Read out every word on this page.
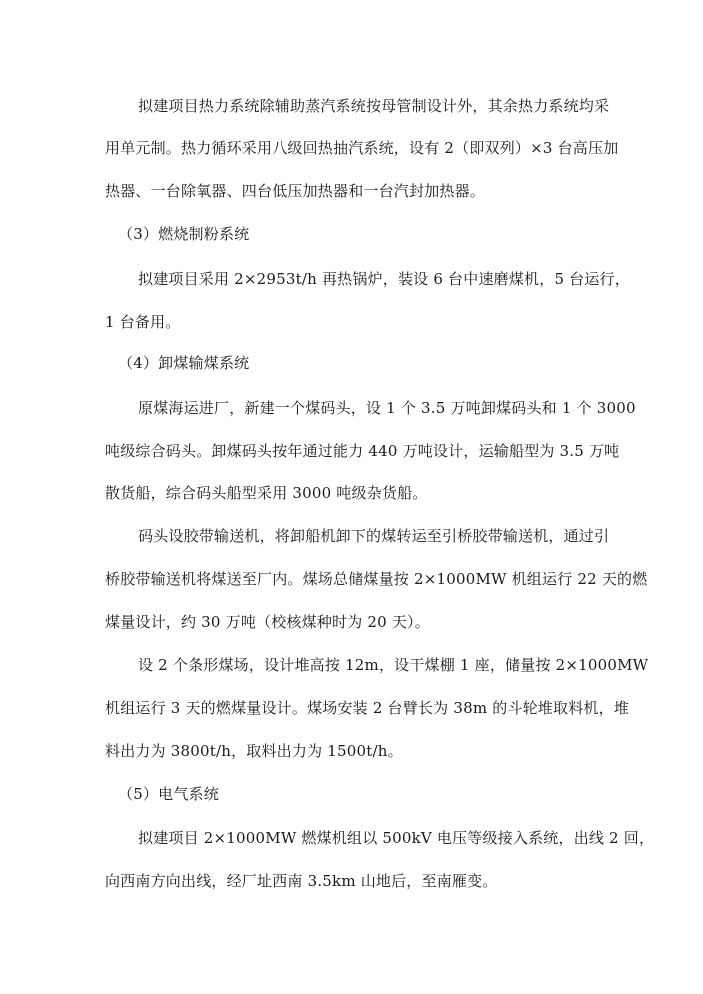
拟建项目热力系统除辅助蒸汽系统按母管制设计外，其余热力系统均采
用单元制。热力循环采用八级回热抽汽系统，设有 2（即双列）×3 台高压加
热器、一台除氧器、四台低压加热器和一台汽封加热器。
（3）燃烧制粉系统
拟建项目采用 2×2953t/h 再热锅炉，装设 6 台中速磨煤机，5 台运行，
1 台备用。
（4）卸煤输煤系统
原煤海运进厂，新建一个煤码头，设 1 个 3.5 万吨卸煤码头和 1 个 3000
吨级综合码头。卸煤码头按年通过能力 440 万吨设计，运输船型为 3.5 万吨
散货船，综合码头船型采用 3000 吨级杂货船。
码头设胶带输送机，将卸船机卸下的煤转运至引桥胶带输送机，通过引
桥胶带输送机将煤送至厂内。煤场总储煤量按 2×1000MW 机组运行 22 天的燃
煤量设计，约 30 万吨（校核煤种时为 20 天）。
设 2 个条形煤场，设计堆高按 12m，设干煤棚 1 座，储量按 2×1000MW
机组运行 3 天的燃煤量设计。煤场安装 2 台臂长为 38m 的斗轮堆取料机，堆
料出力为 3800t/h，取料出力为 1500t/h。
（5）电气系统
拟建项目 2×1000MW 燃煤机组以 500kV 电压等级接入系统，出线 2 回，
向西南方向出线，经厂址西南 3.5km 山地后，至南雁变。
